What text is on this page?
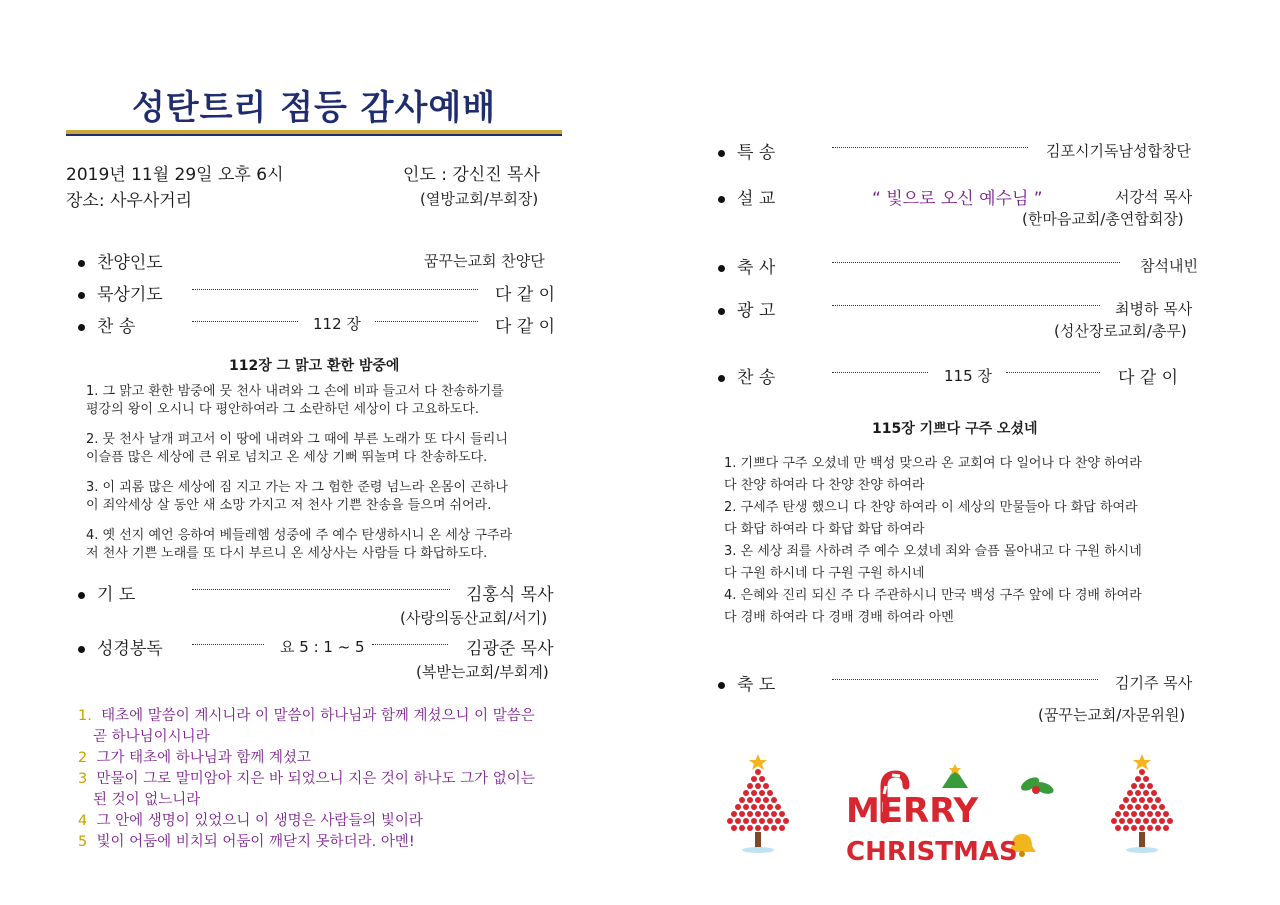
성탄트리 점등 감사예배
2019년 11월 29일 오후 6시
장소: 사우사거리
인도 : 강신진 목사
(열방교회/부회장)
찬양인도	꿈꾸는교회 찬양단
묵상기도	다 같 이
찬 송	112 장	다 같 이
112장 그 맑고 환한 밤중에
1. 그 맑고 환한 밤중에 뭇 천사 내려와 그 손에 비파 들고서 다 찬송하기를
평강의 왕이 오시니 다 평안하여라 그 소란하던 세상이 다 고요하도다.
2. 뭇 천사 날개 펴고서 이 땅에 내려와 그 때에 부른 노래가 또 다시 들리니
이슬픔 많은 세상에 큰 위로 넘치고 온 세상 기뻐 뛰놀며 다 찬송하도다.
3. 이 괴롬 많은 세상에 짐 지고 가는 자 그 험한 준령 넘느라 온몸이 곤하나
이 죄악세상 살 동안 새 소망 가지고 저 천사 기쁜 찬송을 들으며 쉬어라.
4. 옛 선지 예언 응하여 베들레헴 성중에 주 예수 탄생하시니 온 세상 구주라
저 천사 기쁜 노래를 또 다시 부르니 온 세상사는 사람들 다 화답하도다.
기 도	김홍식 목사
(사랑의동산교회/서기)
성경봉독	요 5 : 1 ~ 5	김광준 목사
(복받는교회/부회계)
1. 태초에 말씀이 계시니라 이 말씀이 하나님과 함께 계셨으니 이 말씀은
곧 하나님이시니라
2 그가 태초에 하나님과 함께 계셨고
3 만물이 그로 말미암아 지은 바 되었으니 지은 것이 하나도 그가 없이는
된 것이 없느니라
4 그 안에 생명이 있었으니 이 생명은 사람들의 빛이라
5 빛이 어둠에 비치되 어둠이 깨닫지 못하더라. 아멘!
특 송	김포시기독남성합창단
설 교	“ 빛으로 오신 예수님 ”	서강석 목사
(한마음교회/총연합회장)
축 사	참석내빈
광 고	최병하 목사
(성산장로교회/총무)
찬 송	115 장	다 같 이
115장 기쁘다 구주 오셨네
1. 기쁘다 구주 오셨네 만 백성 맞으라 온 교회여 다 일어나 다 찬양 하여라
다 찬양 하여라 다 찬양 찬양 하여라
2. 구세주 탄생 했으니 다 찬양 하여라 이 세상의 만물들아 다 화답 하여라
다 화답 하여라 다 화답 화답 하여라
3. 온 세상 죄를 사하려 주 예수 오셨네 죄와 슬픔 몰아내고 다 구원 하시네
다 구원 하시네 다 구원 구원 하시네
4. 은혜와 진리 되신 주 다 주관하시니 만국 백성 구주 앞에 다 경배 하여라
다 경배 하여라 다 경배 경배 하여라 아멘
축 도	김기주 목사
(꿈꾸는교회/자문위원)
MERRY
CHRISTMAS
